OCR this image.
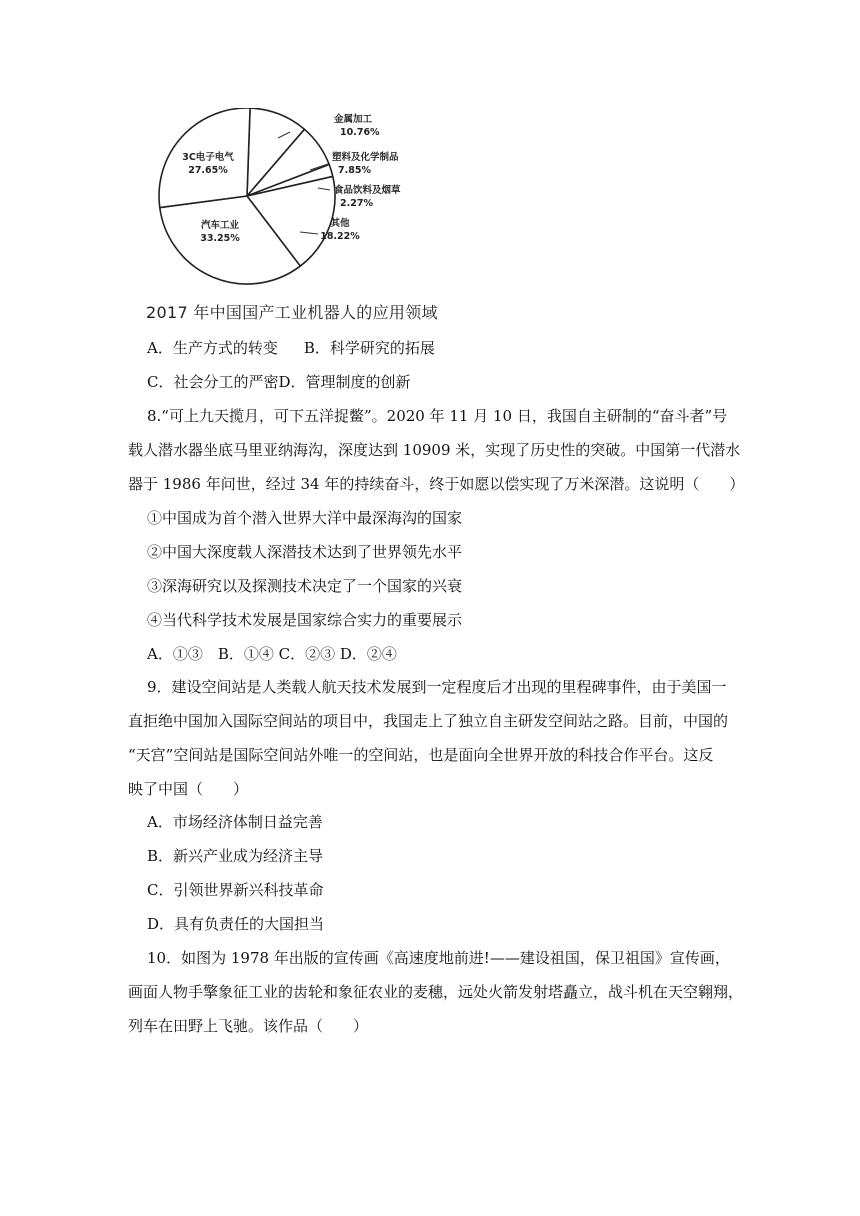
金属加工
10.76%
塑料及化学制品
7.85%
食品饮料及烟草
2.27%
其他
18.22%
汽车工业
33.25%
3C电子电气
27.65%
2017 年中国国产工业机器人的应用领域
A．生产方式的转变 B．科学研究的拓展
C．社会分工的严密D．管理制度的创新
8.“可上九天揽月，可下五洋捉鳖”。2020 年 11 月 10 日，我国自主研制的“奋斗者”号
载人潜水器坐底马里亚纳海沟，深度达到 10909 米，实现了历史性的突破。中国第一代潜水
器于 1986 年问世，经过 34 年的持续奋斗，终于如愿以偿实现了万米深潜。这说明（　　）
①中国成为首个潜入世界大洋中最深海沟的国家
②中国大深度载人深潜技术达到了世界领先水平
③深海研究以及探测技术决定了一个国家的兴衰
④当代科学技术发展是国家综合实力的重要展示
A．①③　B．①④ C．②③ D．②④
9．建设空间站是人类载人航天技术发展到一定程度后才出现的里程碑事件，由于美国一
直拒绝中国加入国际空间站的项目中，我国走上了独立自主研发空间站之路。目前，中国的
“天宫”空间站是国际空间站外唯一的空间站，也是面向全世界开放的科技合作平台。这反
映了中国（　　）
A．市场经济体制日益完善
B．新兴产业成为经济主导
C．引领世界新兴科技革命
D．具有负责任的大国担当
10．如图为 1978 年出版的宣传画《高速度地前进!——建设祖国，保卫祖国》宣传画，
画面人物手擎象征工业的齿轮和象征农业的麦穗，远处火箭发射塔矗立，战斗机在天空翱翔，
列车在田野上飞驰。该作品（　　）
